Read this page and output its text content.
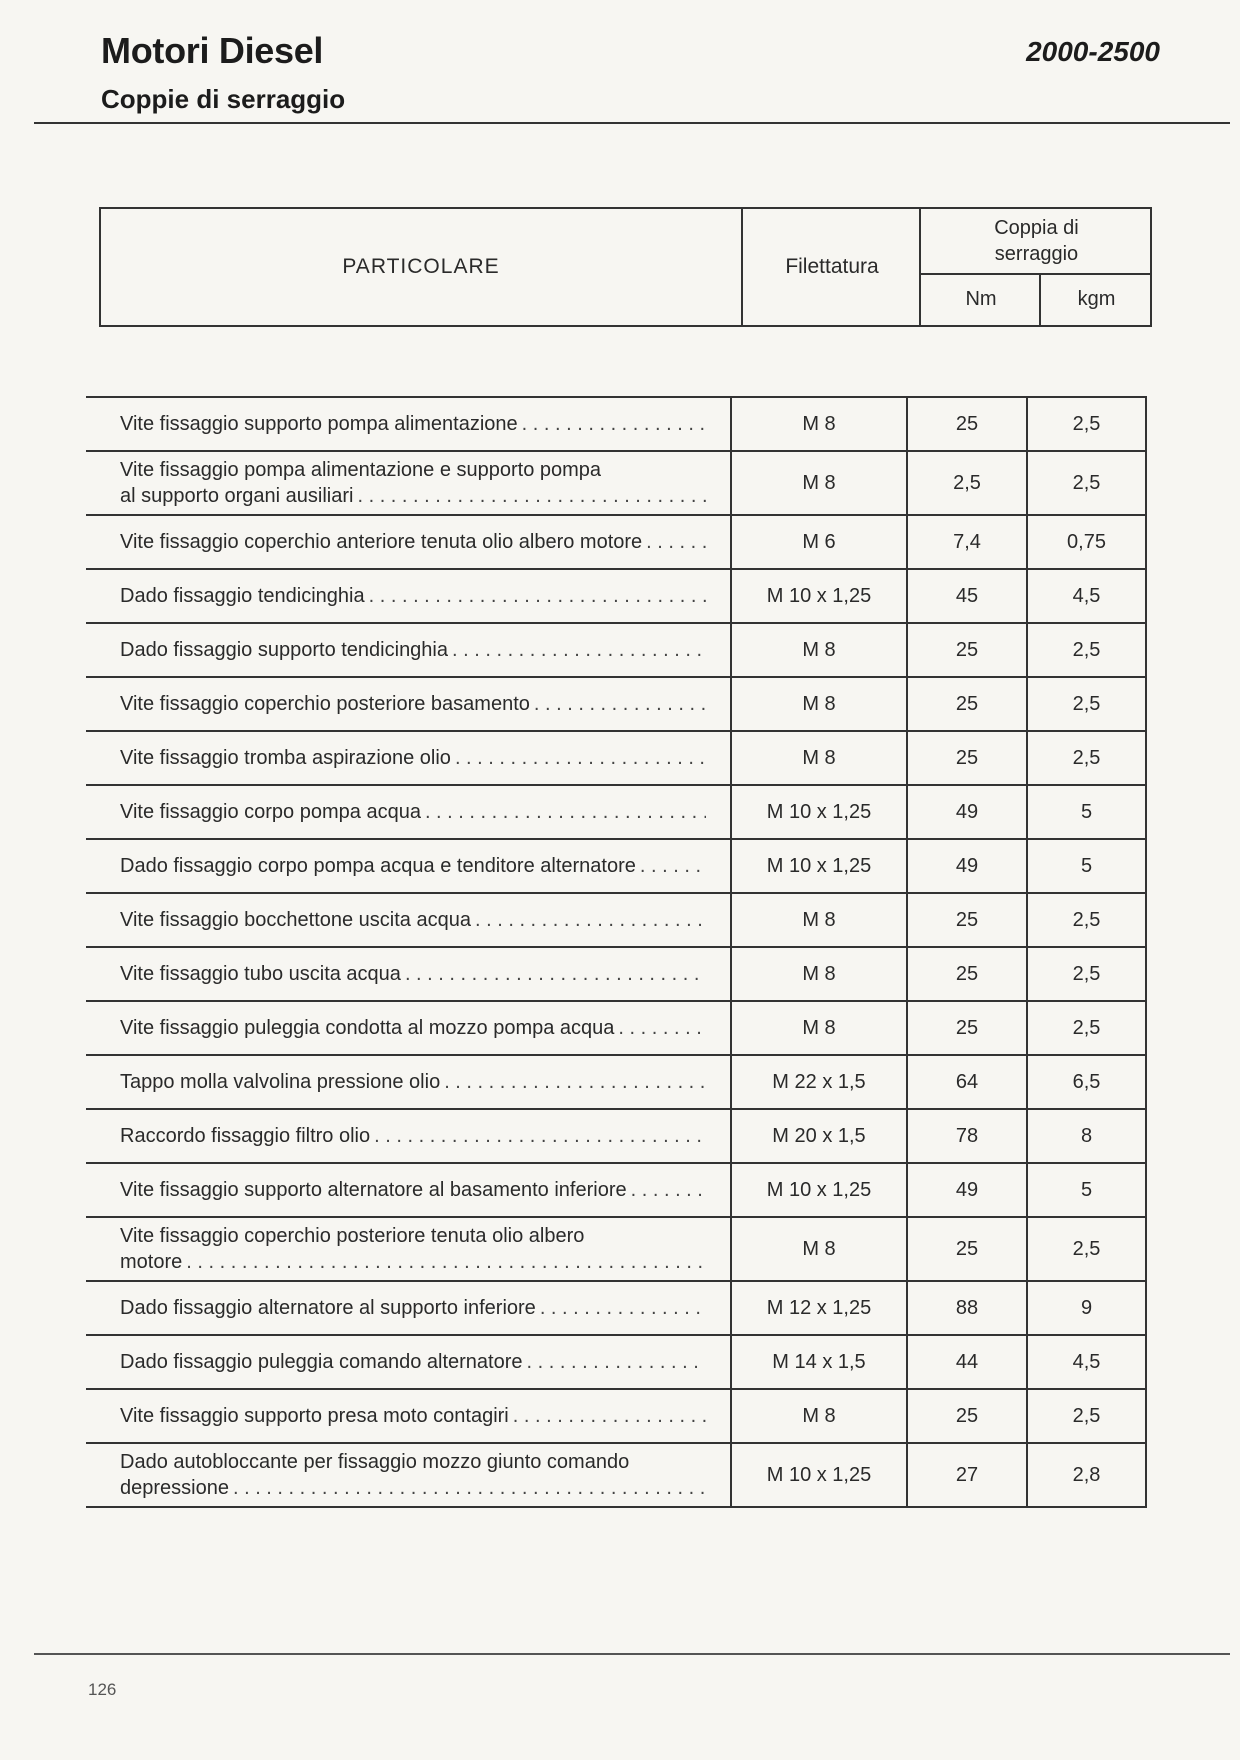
Motori Diesel
Coppie di serraggio
2000-2500
PARTICOLARE	Filettatura
Coppia di serraggio
Nm	kgm
Vite fissaggio supporto pompa alimentazione
. . .	M 8	25	2,5

Vite fissaggio pompa alimentazione e supporto pompa
al supporto organi ausiliari
. . .	M 8	2,5	2,5

Vite fissaggio coperchio anteriore tenuta olio albero motore
. . .	M 6	7,4	0,75

Dado fissaggio tendicinghia
. . .	M 10 x 1,25	45	4,5

Dado fissaggio supporto tendicinghia
. . .	M 8	25	2,5

Vite fissaggio coperchio posteriore basamento
. . .	M 8	25	2,5

Vite fissaggio tromba aspirazione olio
. . .	M 8	25	2,5

Vite fissaggio corpo pompa acqua
. . .	M 10 x 1,25	49	5

Dado fissaggio corpo pompa acqua e tenditore alternatore
. . .	M 10 x 1,25	49	5

Vite fissaggio bocchettone uscita acqua
. . .	M 8	25	2,5

Vite fissaggio tubo uscita acqua
. . .	M 8	25	2,5

Vite fissaggio puleggia condotta al mozzo pompa acqua
. . .	M 8	25	2,5

Tappo molla valvolina pressione olio
. . .	M 22 x 1,5	64	6,5

Raccordo fissaggio filtro olio
. . .	M 20 x 1,5	78	8

Vite fissaggio supporto alternatore al basamento inferiore
. . .	M 10 x 1,25	49	5

Vite fissaggio coperchio posteriore tenuta olio albero
motore
. . .	M 8	25	2,5

Dado fissaggio alternatore al supporto inferiore
. . .	M 12 x 1,25	88	9

Dado fissaggio puleggia comando alternatore
. . .	M 14 x 1,5	44	4,5

Vite fissaggio supporto presa moto contagiri
. . .	M 8	25	2,5

Dado autobloccante per fissaggio mozzo giunto comando
depressione
. . .	M 10 x 1,25	27	2,8
126
